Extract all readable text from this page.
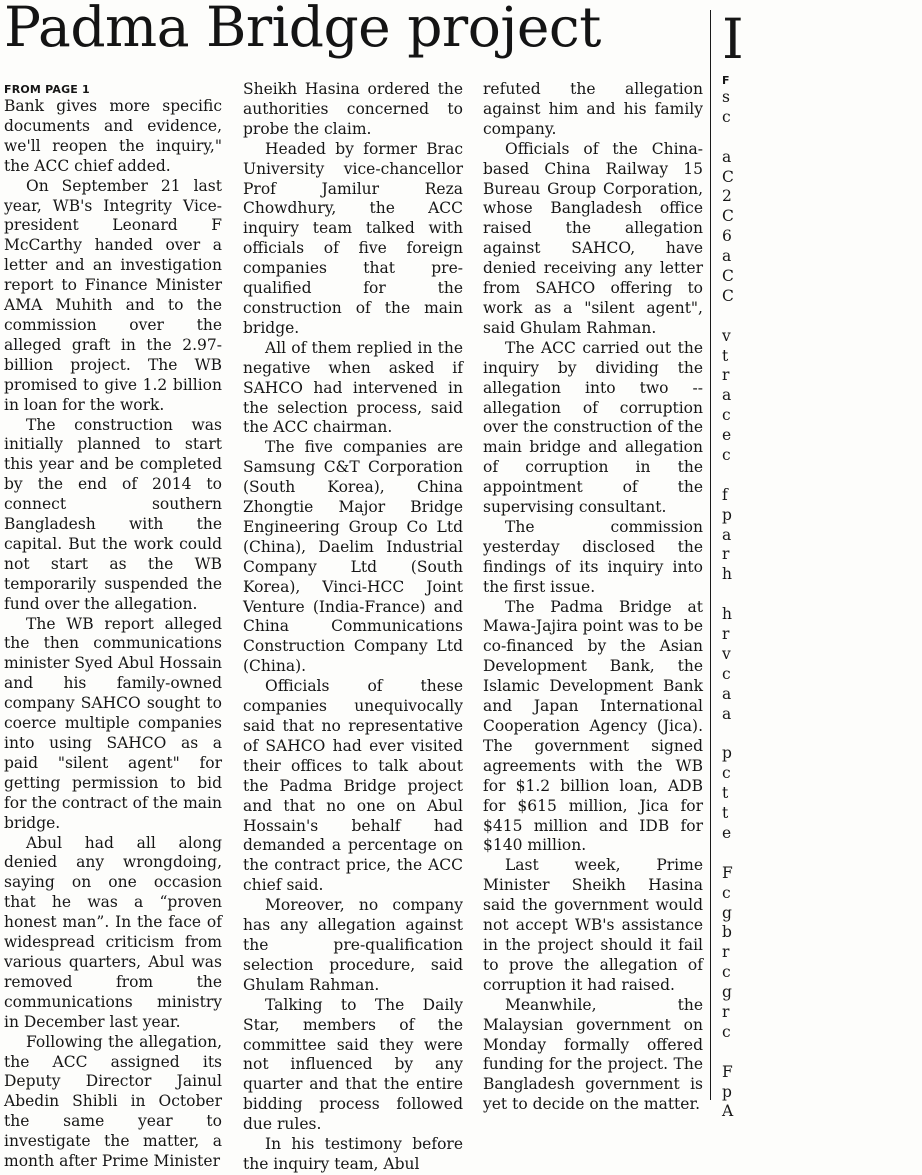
Padma Bridge project
FROM PAGE 1

Bank gives more specific documents and evidence, we'll reopen the inquiry," the ACC chief added.

On September 21 last year, WB's Integrity Vice-president Leonard F McCarthy handed over a letter and an investigation report to Finance Minister AMA Muhith and to the commission over the alleged graft in the 2.97-billion project. The WB promised to give 1.2 billion in loan for the work.

The construction was initially planned to start this year and be completed by the end of 2014 to connect southern Bangladesh with the capital. But the work could not start as the WB temporarily suspended the fund over the allegation.

The WB report alleged the then communications minister Syed Abul Hossain and his family-owned company SAHCO sought to coerce multiple companies into using SAHCO as a paid "silent agent" for getting permission to bid for the contract of the main bridge.

Abul had all along denied any wrongdoing, saying on one occasion that he was a “proven honest man”. In the face of widespread criticism from various quarters, Abul was removed from the communications ministry in December last year.

Following the allegation, the ACC assigned its Deputy Director Jainul Abedin Shibli in October the same year to investigate the matter, a month after Prime Minister

Sheikh Hasina ordered the authorities concerned to probe the claim.

Headed by former Brac University vice-chancellor Prof Jamilur Reza Chowdhury, the ACC inquiry team talked with officials of five foreign companies that pre-qualified for the construction of the main bridge.

All of them replied in the negative when asked if SAHCO had intervened in the selection process, said the ACC chairman.

The five companies are Samsung C&T Corporation (South Korea), China Zhongtie Major Bridge Engineering Group Co Ltd (China), Daelim Industrial Company Ltd (South Korea), Vinci-HCC Joint Venture (India-France) and China Communications Construction Company Ltd (China).

Officials of these companies unequivocally said that no representative of SAHCO had ever visited their offices to talk about the Padma Bridge project and that no one on Abul Hossain's behalf had demanded a percentage on the contract price, the ACC chief said.

Moreover, no company has any allegation against the pre-qualification selection procedure, said Ghulam Rahman.

Talking to The Daily Star, members of the committee said they were not influenced by any quarter and that the entire bidding process followed due rules.

In his testimony before the inquiry team, Abul

refuted the allegation against him and his family company.

Officials of the China-based China Railway 15 Bureau Group Corporation, whose Bangladesh office raised the allegation against SAHCO, have denied receiving any letter from SAHCO offering to work as a "silent agent", said Ghulam Rahman.

The ACC carried out the inquiry by dividing the allegation into two -- allegation of corruption over the construction of the main bridge and allegation of corruption in the appointment of the supervising consultant.

The commission yesterday disclosed the findings of its inquiry into the first issue.

The Padma Bridge at Mawa-Jajira point was to be co-financed by the Asian Development Bank, the Islamic Development Bank and Japan International Cooperation Agency (Jica). The government signed agreements with the WB for $1.2 billion loan, ADB for $615 million, Jica for $415 million and IDB for $140 million.

Last week, Prime Minister Sheikh Hasina said the government would not accept WB's assistance in the project should it fail to prove the allegation of corruption it had raised.

Meanwhile, the Malaysian government on Monday formally offered funding for the project. The Bangladesh government is yet to decide on the matter.

I
F
s
c
a
C
2
C
6
a
C
C
v
t
r
a
c
e
c
f
p
a
r
h
h
r
v
c
a
a
p
c
t
t
e
F
c
g
b
r
c
g
r
c
F
p
A
